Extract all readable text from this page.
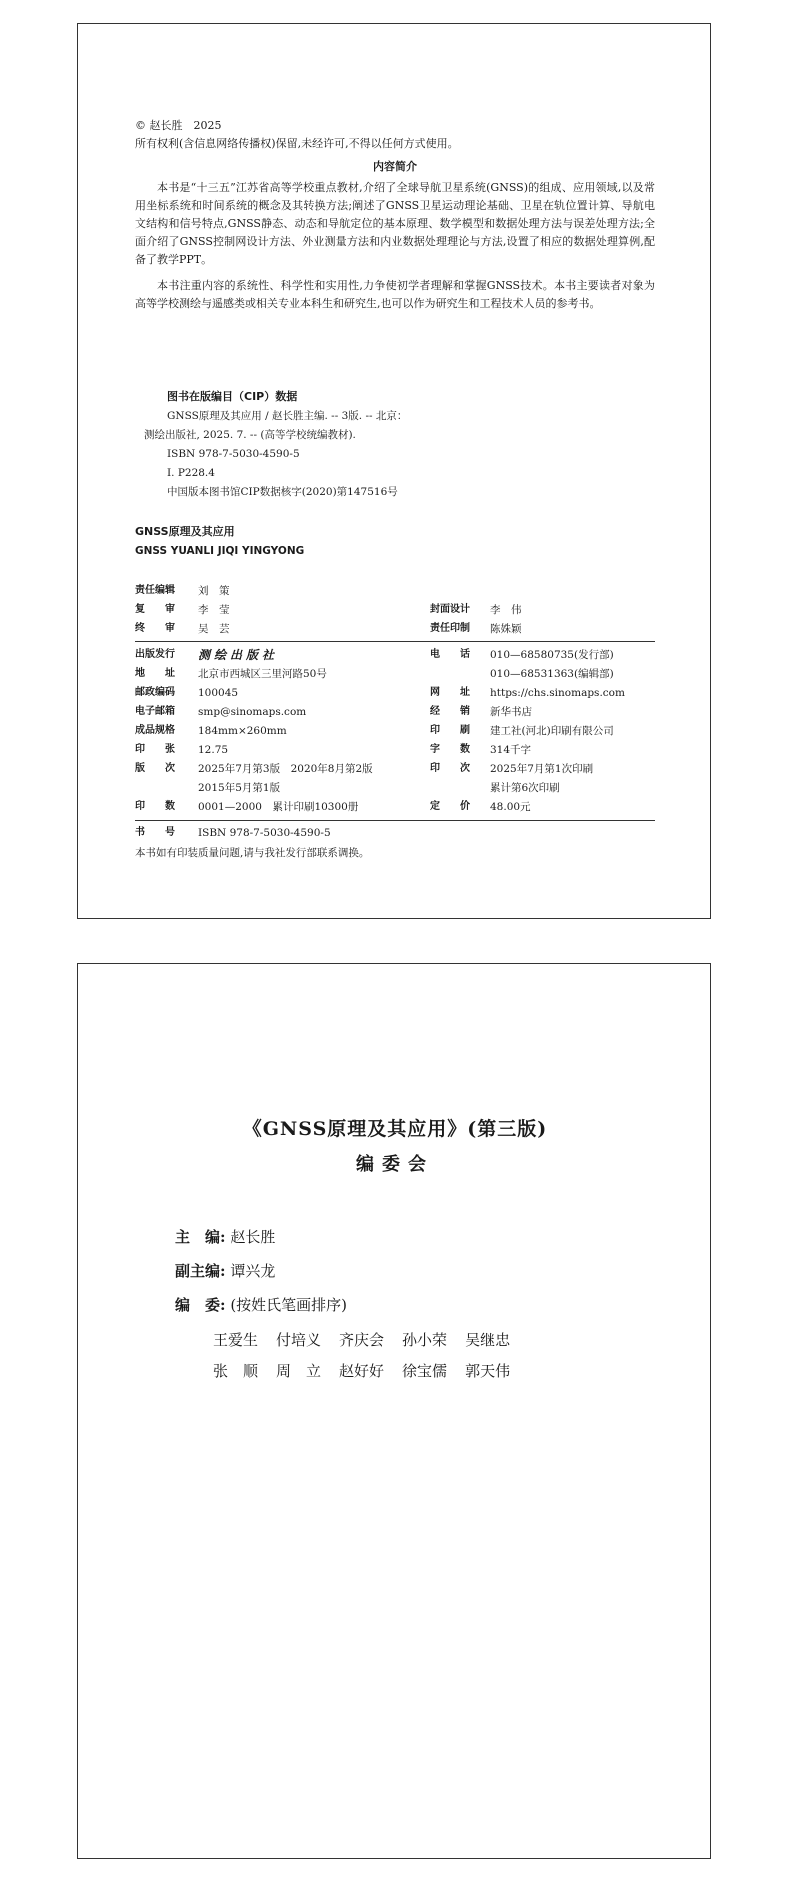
© 赵长胜　2025
所有权利(含信息网络传播权)保留,未经许可,不得以任何方式使用。
内容简介
本书是“十三五”江苏省高等学校重点教材,介绍了全球导航卫星系统(GNSS)的组成、应用领域,以及常用坐标系统和时间系统的概念及其转换方法;阐述了GNSS卫星运动理论基础、卫星在轨位置计算、导航电文结构和信号特点,GNSS静态、动态和导航定位的基本原理、数学模型和数据处理方法与误差处理方法;全面介绍了GNSS控制网设计方法、外业测量方法和内业数据处理理论与方法,设置了相应的数据处理算例,配备了教学PPT。
本书注重内容的系统性、科学性和实用性,力争使初学者理解和掌握GNSS技术。本书主要读者对象为高等学校测绘与遥感类或相关专业本科生和研究生,也可以作为研究生和工程技术人员的参考书。
图书在版编目（CIP）数据
GNSS原理及其应用 / 赵长胜主编. -- 3版. -- 北京：
测绘出版社, 2025. 7. -- (高等学校统编教材).
ISBN 978-7-5030-4590-5
Ⅰ. P228.4
中国版本图书馆CIP数据核字(2020)第147516号
GNSS原理及其应用
GNSS YUANLI JIQI YINGYONG
责任编辑 刘　策
复　　审 李　莹	封面设计 李　伟
终　　审 吴　芸	责任印制 陈姝颖
出版发行 测绘出版社	电　　话 010—68580735(发行部)
地　　址 北京市西城区三里河路50号	010—68531363(编辑部)
邮政编码 100045	网　　址 https://chs.sinomaps.com
电子邮箱 smp@sinomaps.com	经　　销 新华书店
成品规格 184mm×260mm	印　　刷 建工社(河北)印刷有限公司
印　　张 12.75	字　　数 314千字
版　　次 2025年7月第3版　2020年8月第2版	印　　次 2025年7月第1次印刷
2015年5月第1版	累计第6次印刷
印　　数 0001—2000　累计印刷10300册	定　　价 48.00元
书　　号 ISBN 978-7-5030-4590-5
本书如有印装质量问题,请与我社发行部联系调换。
《GNSS原理及其应用》(第三版)
编委会
主　编: 赵长胜
副主编: 谭兴龙
编　委: (按姓氏笔画排序)
王爱生 付培义 齐庆会 孙小荣 吴继忠
张　顺 周　立 赵好好 徐宝儒 郭天伟
